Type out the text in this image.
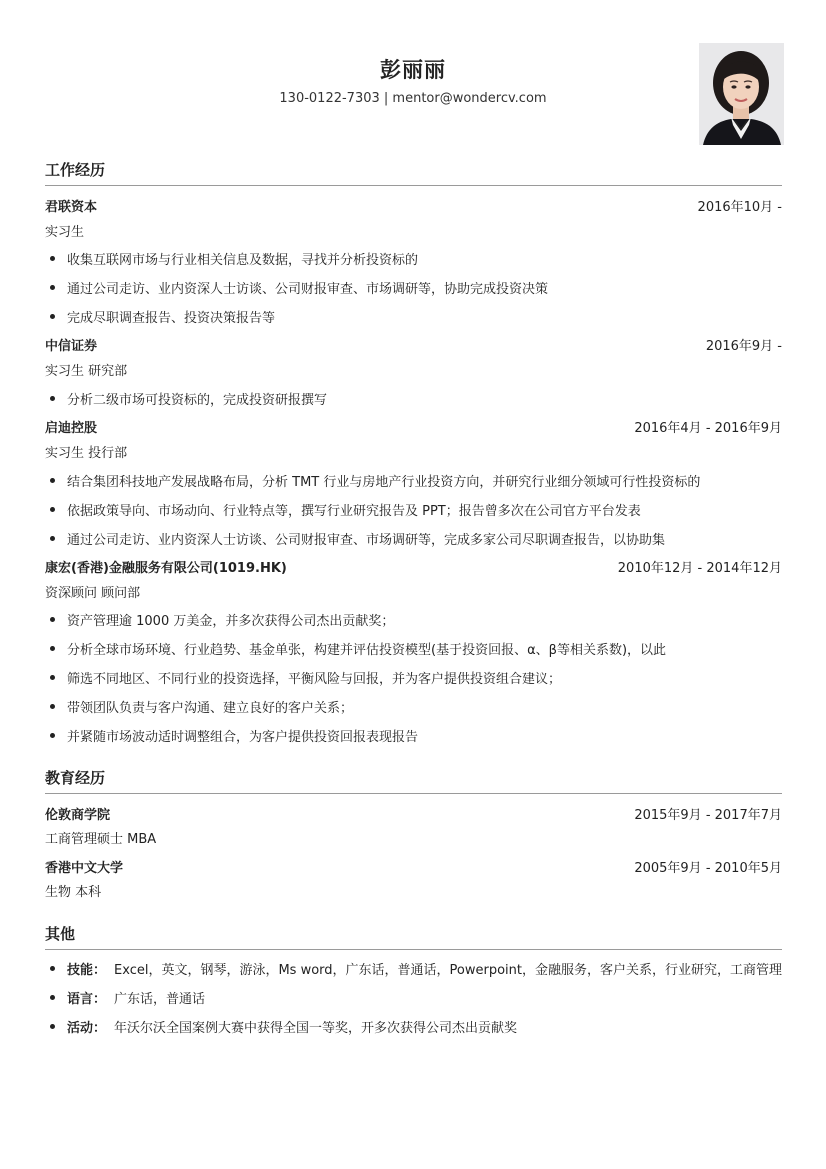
彭丽丽
130-0122-7303 | mentor@wondercv.com
工作经历
君联资本	2016年10月 -
实习生
收集互联网市场与行业相关信息及数据，寻找并分析投资标的
通过公司走访、业内资深人士访谈、公司财报审查、市场调研等，协助完成投资决策
完成尽职调查报告、投资决策报告等
中信证券	2016年9月 -
实习生 研究部
分析二级市场可投资标的，完成投资研报撰写
启迪控股	2016年4月 - 2016年9月
实习生 投行部
结合集团科技地产发展战略布局，分析 TMT 行业与房地产行业投资方向，并研究行业细分领域可行性投资标的
依据政策导向、市场动向、行业特点等，撰写行业研究报告及 PPT；报告曾多次在公司官方平台发表
通过公司走访、业内资深人士访谈、公司财报审查、市场调研等，完成多家公司尽职调查报告，以协助集
康宏(香港)金融服务有限公司(1019.HK)	2010年12月 - 2014年12月
资深顾问 顾问部
资产管理逾 1000 万美金，并多次获得公司杰出贡献奖；
分析全球市场环境、行业趋势、基金单张，构建并评估投资模型(基于投资回报、α、β等相关系数)，以此
筛选不同地区、不同行业的投资选择，平衡风险与回报，并为客户提供投资组合建议；
带领团队负责与客户沟通、建立良好的客户关系；
并紧随市场波动适时调整组合，为客户提供投资回报表现报告
教育经历
伦敦商学院	2015年9月 - 2017年7月
工商管理硕士 MBA
香港中文大学	2005年9月 - 2010年5月
生物 本科
其他
技能： Excel，英文，钢琴，游泳，Ms word，广东话，普通话，Powerpoint，金融服务，客户关系，行业研究，工商管理
语言： 广东话，普通话
活动： 年沃尔沃全国案例大赛中获得全国一等奖，开多次获得公司杰出贡献奖
